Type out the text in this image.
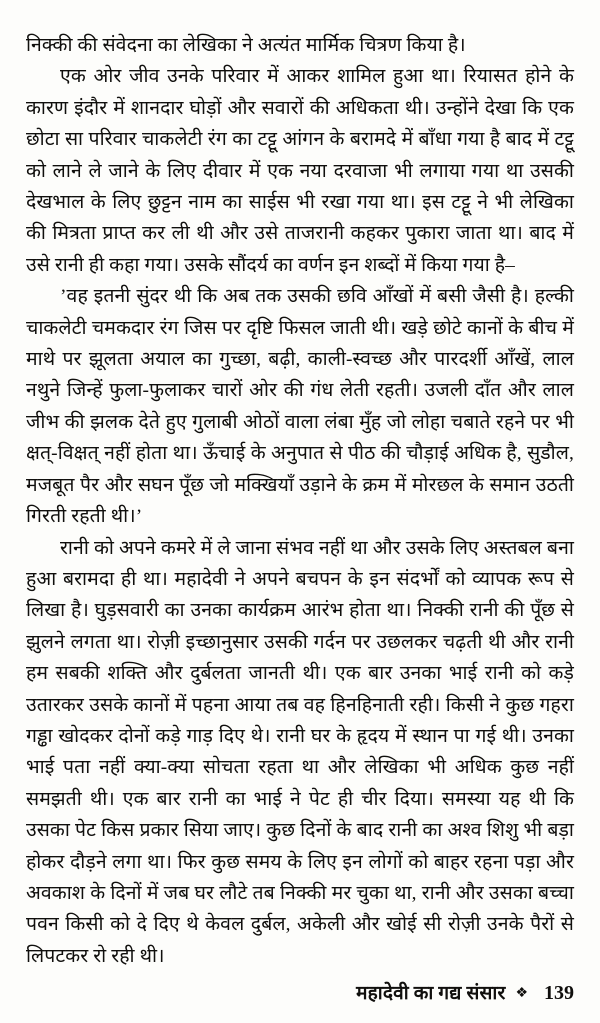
निक्की की संवेदना का लेखिका ने अत्यंत मार्मिक चित्रण किया है।

एक ओर जीव उनके परिवार में आकर शामिल हुआ था। रियासत होने के कारण इंदौर में शानदार घोड़ों और सवारों की अधिकता थी। उन्होंने देखा कि एक छोटा सा परिवार चाकलेटी रंग का टट्टू आंगन के बरामदे में बाँधा गया है बाद में टट्टू को लाने ले जाने के लिए दीवार में एक नया दरवाजा भी लगाया गया था उसकी देखभाल के लिए छुट्टन नाम का साईस भी रखा गया था। इस टट्टू ने भी लेखिका की मित्रता प्राप्त कर ली थी और उसे ताजरानी कहकर पुकारा जाता था। बाद में उसे रानी ही कहा गया। उसके सौंदर्य का वर्णन इन शब्दों में किया गया है–

’वह इतनी सुंदर थी कि अब तक उसकी छवि आँखों में बसी जैसी है। हल्की चाकलेटी चमकदार रंग जिस पर दृष्टि फिसल जाती थी। खड़े छोटे कानों के बीच में माथे पर झूलता अयाल का गुच्छा, बढ़ी, काली-स्वच्छ और पारदर्शी आँखें, लाल नथुने जिन्हें फुला-फुलाकर चारों ओर की गंध लेती रहती। उजली दाँत और लाल जीभ की झलक देते हुए गुलाबी ओठों वाला लंबा मुँह जो लोहा चबाते रहने पर भी क्षत्-विक्षत् नहीं होता था। ऊँचाई के अनुपात से पीठ की चौड़ाई अधिक है, सुडौल, मजबूत पैर और सघन पूँछ जो मक्खियाँ उड़ाने के क्रम में मोरछल के समान उठती गिरती रहती थी।’

रानी को अपने कमरे में ले जाना संभव नहीं था और उसके लिए अस्तबल बना हुआ बरामदा ही था। महादेवी ने अपने बचपन के इन संदर्भों को व्यापक रूप से लिखा है। घुड़सवारी का उनका कार्यक्रम आरंभ होता था। निक्की रानी की पूँछ से झुलने लगता था। रोज़ी इच्छानुसार उसकी गर्दन पर उछलकर चढ़ती थी और रानी हम सबकी शक्ति और दुर्बलता जानती थी। एक बार उनका भाई रानी को कड़े उतारकर उसके कानों में पहना आया तब वह हिनहिनाती रही। किसी ने कुछ गहरा गड्ढा खोदकर दोनों कड़े गाड़ दिए थे। रानी घर के हृदय में स्थान पा गई थी। उनका भाई पता नहीं क्या-क्या सोचता रहता था और लेखिका भी अधिक कुछ नहीं समझती थी। एक बार रानी का भाई ने पेट ही चीर दिया। समस्या यह थी कि उसका पेट किस प्रकार सिया जाए। कुछ दिनों के बाद रानी का अश्व शिशु भी बड़ा होकर दौड़ने लगा था। फिर कुछ समय के लिए इन लोगों को बाहर रहना पड़ा और अवकाश के दिनों में जब घर लौटे तब निक्की मर चुका था, रानी और उसका बच्चा पवन किसी को दे दिए थे केवल दुर्बल, अकेली और खोई सी रोज़ी उनके पैरों से लिपटकर रो रही थी।

महादेवी का गद्य संसार ❖ 139
